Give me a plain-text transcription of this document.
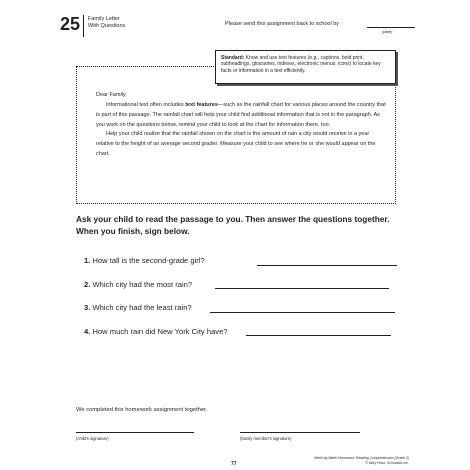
25 Family Letter
With Questions	Please send this assignment back to school by
(date)
Standard: Know and use text features (e.g., captions, bold print, subheadings, glossaries, indexes, electronic menus, icons) to locate key facts or information in a text efficiently.

Dear Family,

Informational text often includes text features—such as the rainfall chart for various places around the country that is part of this passage. The rainfall chart will help your child find additional information that is not in the paragraph. As you work on the questions below, remind your child to look at the chart for information there, too.

Help your child realize that the rainfall shown on the chart is the amount of rain a city would receive in a year relative to the height of an average second grader. Measure your child to see where he or she would appear on the chart.

Ask your child to read the passage to you. Then answer the questions together. When you finish, sign below.
1. How tall is the second-grade girl?
2. Which city had the most rain?
3. Which city had the least rain?
4. How much rain did New York City have?
We completed this homework assignment together.
(child's signature)	(family member's signature)
77
Week-by-Week Homework: Reading Comprehension (Grade 2)
© Mary Rose, Scholastic Inc.
